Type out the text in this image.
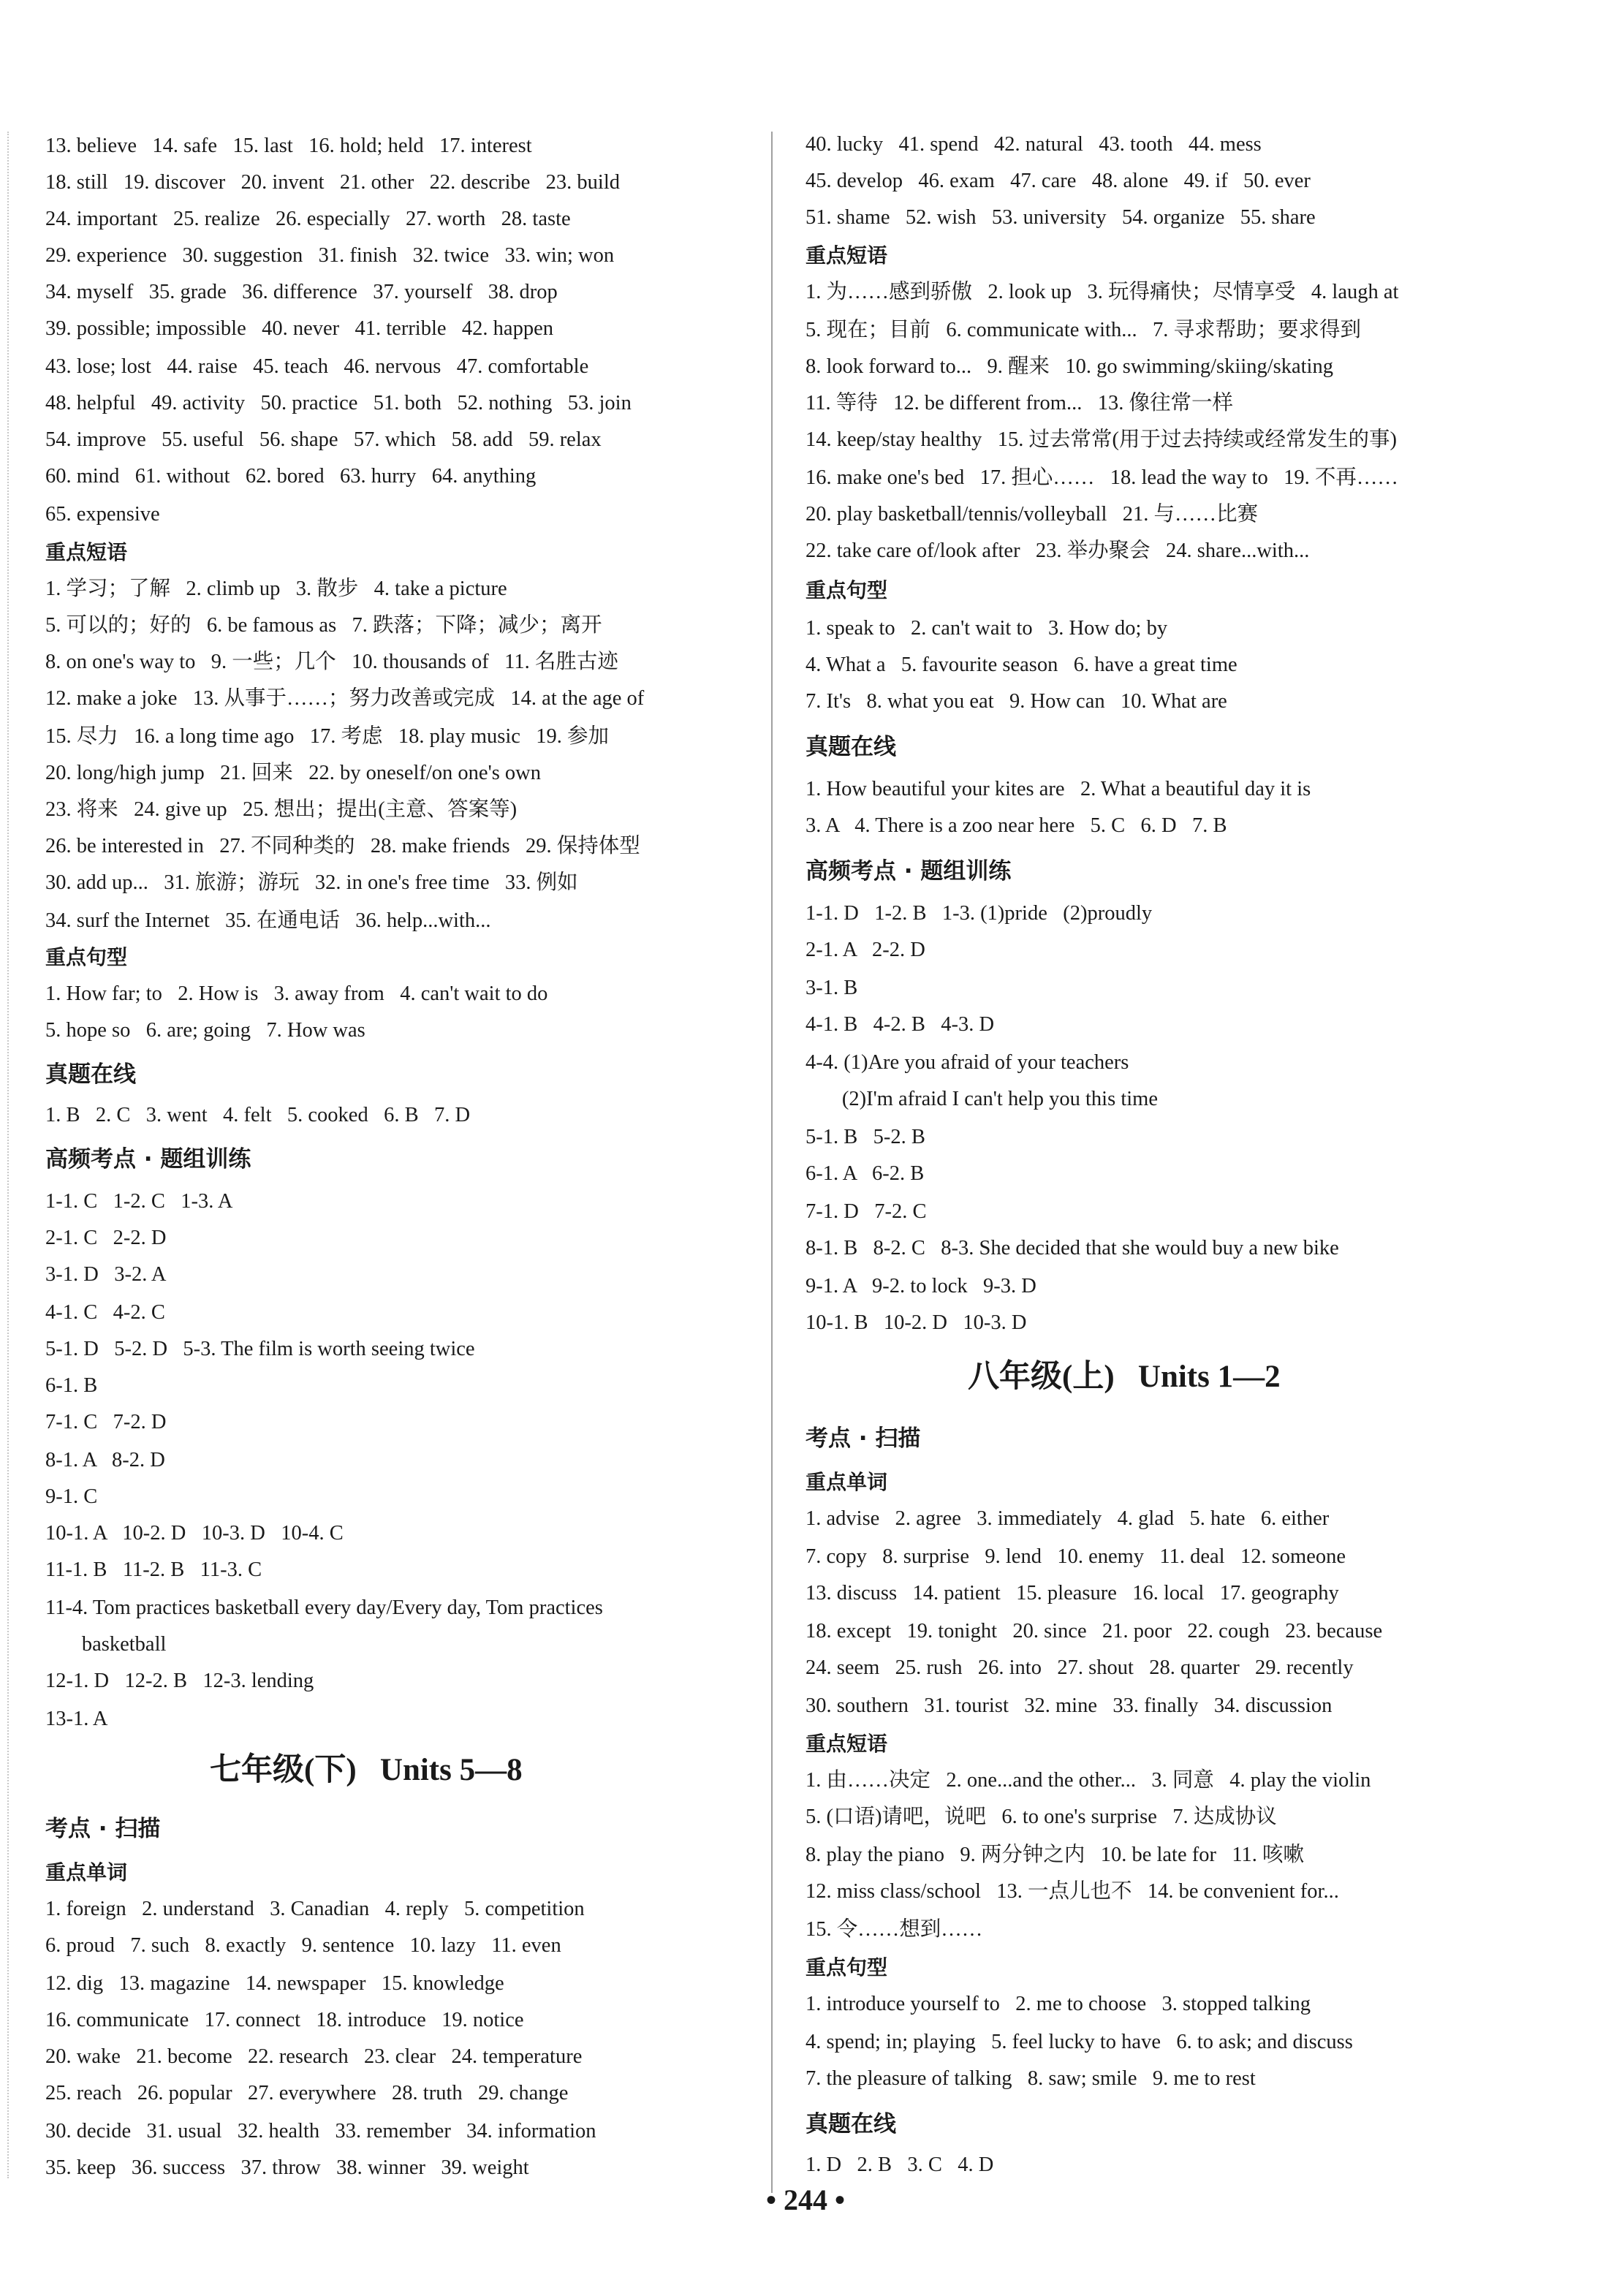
13. believe   14. safe   15. last   16. hold; held   17. interest
18. still   19. discover   20. invent   21. other   22. describe   23. build
24. important   25. realize   26. especially   27. worth   28. taste
29. experience   30. suggestion   31. finish   32. twice   33. win; won
34. myself   35. grade   36. difference   37. yourself   38. drop
39. possible; impossible   40. never   41. terrible   42. happen
43. lose; lost   44. raise   45. teach   46. nervous   47. comfortable
48. helpful   49. activity   50. practice   51. both   52. nothing   53. join
54. improve   55. useful   56. shape   57. which   58. add   59. relax
60. mind   61. without   62. bored   63. hurry   64. anything
65. expensive
重点短语
1. 学习；了解   2. climb up   3. 散步   4. take a picture
5. 可以的；好的   6. be famous as   7. 跌落；下降；减少；离开
8. on one's way to   9. 一些；几个   10. thousands of   11. 名胜古迹
12. make a joke   13. 从事于……；努力改善或完成   14. at the age of
15. 尽力   16. a long time ago   17. 考虑   18. play music   19. 参加
20. long/high jump   21. 回来   22. by oneself/on one's own
23. 将来   24. give up   25. 想出；提出(主意、答案等)
26. be interested in   27. 不同种类的   28. make friends   29. 保持体型
30. add up...   31. 旅游；游玩   32. in one's free time   33. 例如
34. surf the Internet   35. 在通电话   36. help...with...
重点句型
1. How far; to   2. How is   3. away from   4. can't wait to do
5. hope so   6. are; going   7. How was
真题在线
1. B   2. C   3. went   4. felt   5. cooked   6. B   7. D
高频考点 · 题组训练
1-1. C   1-2. C   1-3. A
2-1. C   2-2. D
3-1. D   3-2. A
4-1. C   4-2. C
5-1. D   5-2. D   5-3. The film is worth seeing twice
6-1. B
7-1. C   7-2. D
8-1. A   8-2. D
9-1. C
10-1. A   10-2. D   10-3. D   10-4. C
11-1. B   11-2. B   11-3. C
11-4. Tom practices basketball every day/Every day, Tom practices
basketball
12-1. D   12-2. B   12-3. lending
13-1. A
七年级(下)   Units 5—8
考点 · 扫描
重点单词
1. foreign   2. understand   3. Canadian   4. reply   5. competition
6. proud   7. such   8. exactly   9. sentence   10. lazy   11. even
12. dig   13. magazine   14. newspaper   15. knowledge
16. communicate   17. connect   18. introduce   19. notice
20. wake   21. become   22. research   23. clear   24. temperature
25. reach   26. popular   27. everywhere   28. truth   29. change
30. decide   31. usual   32. health   33. remember   34. information
35. keep   36. success   37. throw   38. winner   39. weight
40. lucky   41. spend   42. natural   43. tooth   44. mess
45. develop   46. exam   47. care   48. alone   49. if   50. ever
51. shame   52. wish   53. university   54. organize   55. share
重点短语
1. 为……感到骄傲   2. look up   3. 玩得痛快；尽情享受   4. laugh at
5. 现在；目前   6. communicate with...   7. 寻求帮助；要求得到
8. look forward to...   9. 醒来   10. go swimming/skiing/skating
11. 等待   12. be different from...   13. 像往常一样
14. keep/stay healthy   15. 过去常常(用于过去持续或经常发生的事)
16. make one's bed   17. 担心……   18. lead the way to   19. 不再……
20. play basketball/tennis/volleyball   21. 与……比赛
22. take care of/look after   23. 举办聚会   24. share...with...
重点句型
1. speak to   2. can't wait to   3. How do; by
4. What a   5. favourite season   6. have a great time
7. It's   8. what you eat   9. How can   10. What are
真题在线
1. How beautiful your kites are   2. What a beautiful day it is
3. A   4. There is a zoo near here   5. C   6. D   7. B
高频考点 · 题组训练
1-1. D   1-2. B   1-3. (1)pride   (2)proudly
2-1. A   2-2. D
3-1. B
4-1. B   4-2. B   4-3. D
4-4. (1)Are you afraid of your teachers
(2)I'm afraid I can't help you this time
5-1. B   5-2. B
6-1. A   6-2. B
7-1. D   7-2. C
8-1. B   8-2. C   8-3. She decided that she would buy a new bike
9-1. A   9-2. to lock   9-3. D
10-1. B   10-2. D   10-3. D
八年级(上)   Units 1—2
考点 · 扫描
重点单词
1. advise   2. agree   3. immediately   4. glad   5. hate   6. either
7. copy   8. surprise   9. lend   10. enemy   11. deal   12. someone
13. discuss   14. patient   15. pleasure   16. local   17. geography
18. except   19. tonight   20. since   21. poor   22. cough   23. because
24. seem   25. rush   26. into   27. shout   28. quarter   29. recently
30. southern   31. tourist   32. mine   33. finally   34. discussion
重点短语
1. 由……决定   2. one...and the other...   3. 同意   4. play the violin
5. (口语)请吧，说吧   6. to one's surprise   7. 达成协议
8. play the piano   9. 两分钟之内   10. be late for   11. 咳嗽
12. miss class/school   13. 一点儿也不   14. be convenient for...
15. 令……想到……
重点句型
1. introduce yourself to   2. me to choose   3. stopped talking
4. spend; in; playing   5. feel lucky to have   6. to ask; and discuss
7. the pleasure of talking   8. saw; smile   9. me to rest
真题在线
1. D   2. B   3. C   4. D
• 244 •
